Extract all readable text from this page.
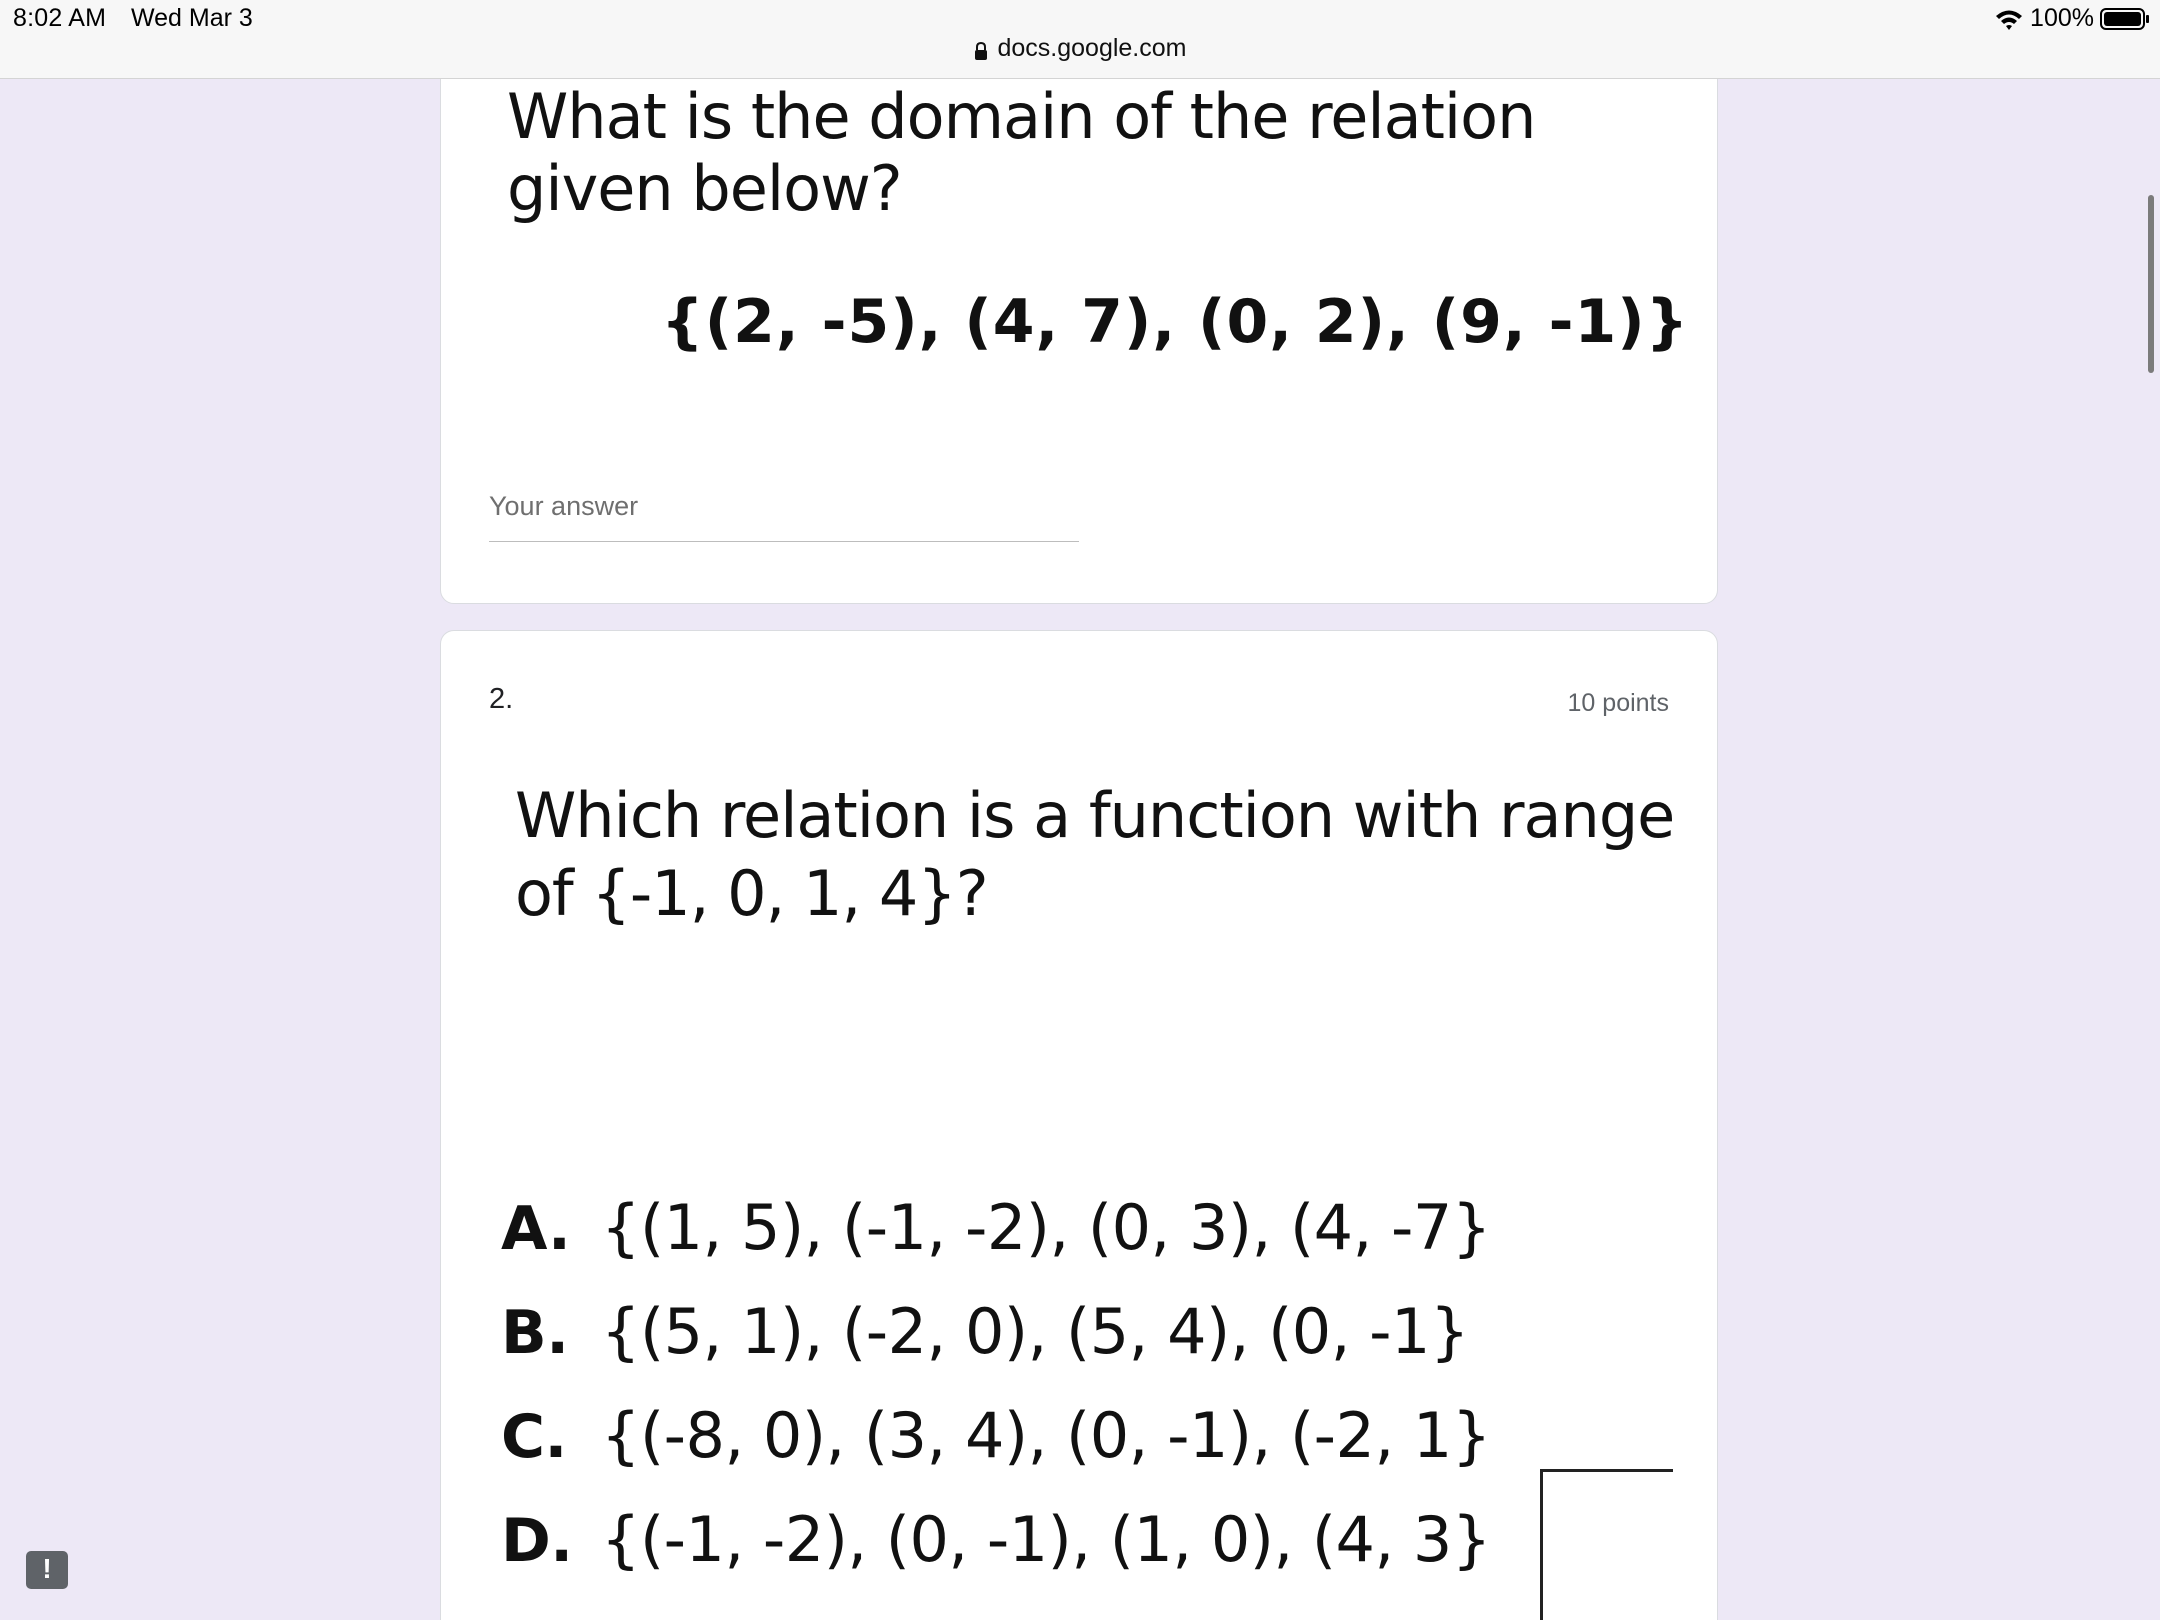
What is the domain of the relation given below?
{(2, -5), (4, 7), (0, 2), (9, -1)}
Your answer
2.	10 points
Which relation is a function with range of {-1, 0, 1, 4}?
A. {(1, 5), (-1, -2), (0, 3), (4, -7}
B. {(5, 1), (-2, 0), (5, 4), (0, -1}
C. {(-8, 0), (3, 4), (0, -1), (-2, 1}
D. {(-1, -2), (0, -1), (1, 0), (4, 3}
8:02 AM Wed Mar 3	100%
docs.google.com
!
